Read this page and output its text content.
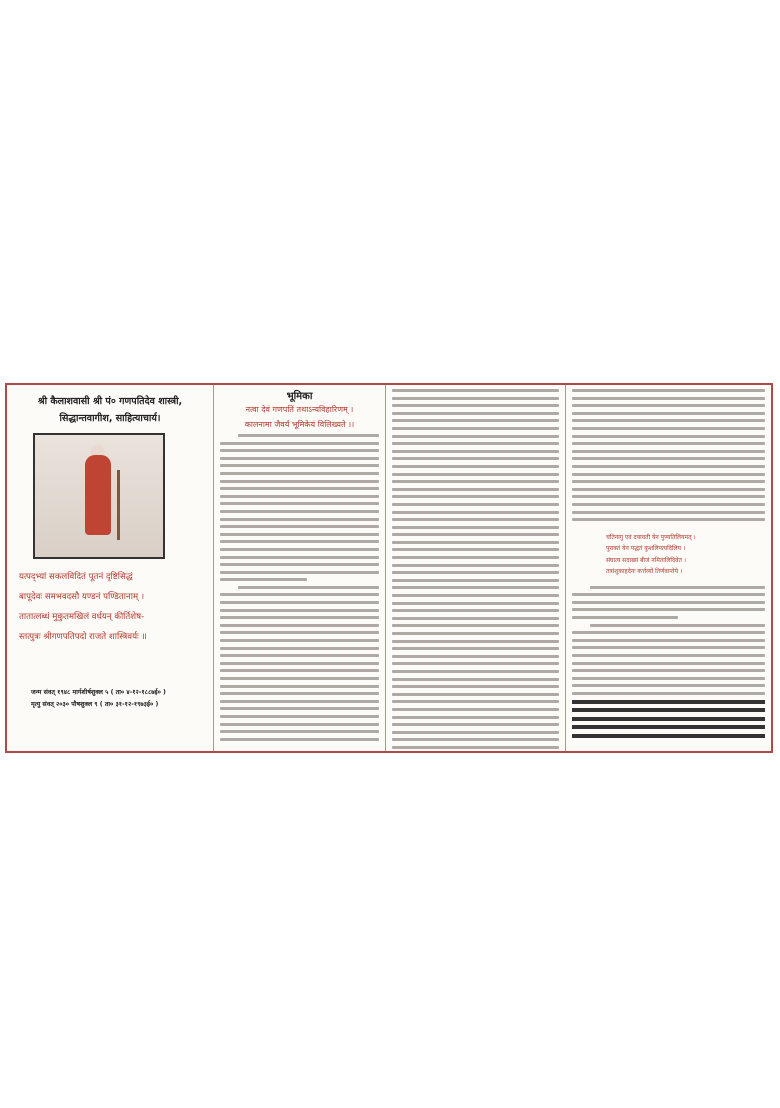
श्री कैलाशवासी श्री पं० गणपतिदेव शास्त्री,
सिद्धान्तवागीश, साहित्याचार्य।
यत्पद्भ्यां सकलविदितं पूतनं दृष्टिसिद्धं
बापूदेवः समभवदसौ यण्डनं पण्डितानाम् ।
तातात्लब्धं मुकुतमखिलं वर्धयन् कीर्तिशेष-
स्तत्पुत्रः श्रीगणपतिपदो राजते शास्त्रिवर्यः ॥
जन्म संवत् १९४८ मार्गशीर्षशुक्ल ५ ( ता० ४-१२-१८८७ई० )
मृत्यु संवत् २०३० पौषशुक्ल ९ ( ता० ३१-१२-१९७३ई० )
भूमिका
नत्वा देवं गणपतिं तथाऽन्यविहारिणम् ।
कालनामा जैवर्यं भूमिकेयं विलिख्यते ।।
चतिनागु एवं दयावती येन पुण्यतिलियमत् ।
पुराक्तं येन पद्धतं कुशलिपत्यदिलिय ।
संघात्य सदाख्यं बीजं नमितालिदिवेत ।
तत्रांशुकाहदेनः कर्त्तव्यों तिर्णवान्तेये ।
